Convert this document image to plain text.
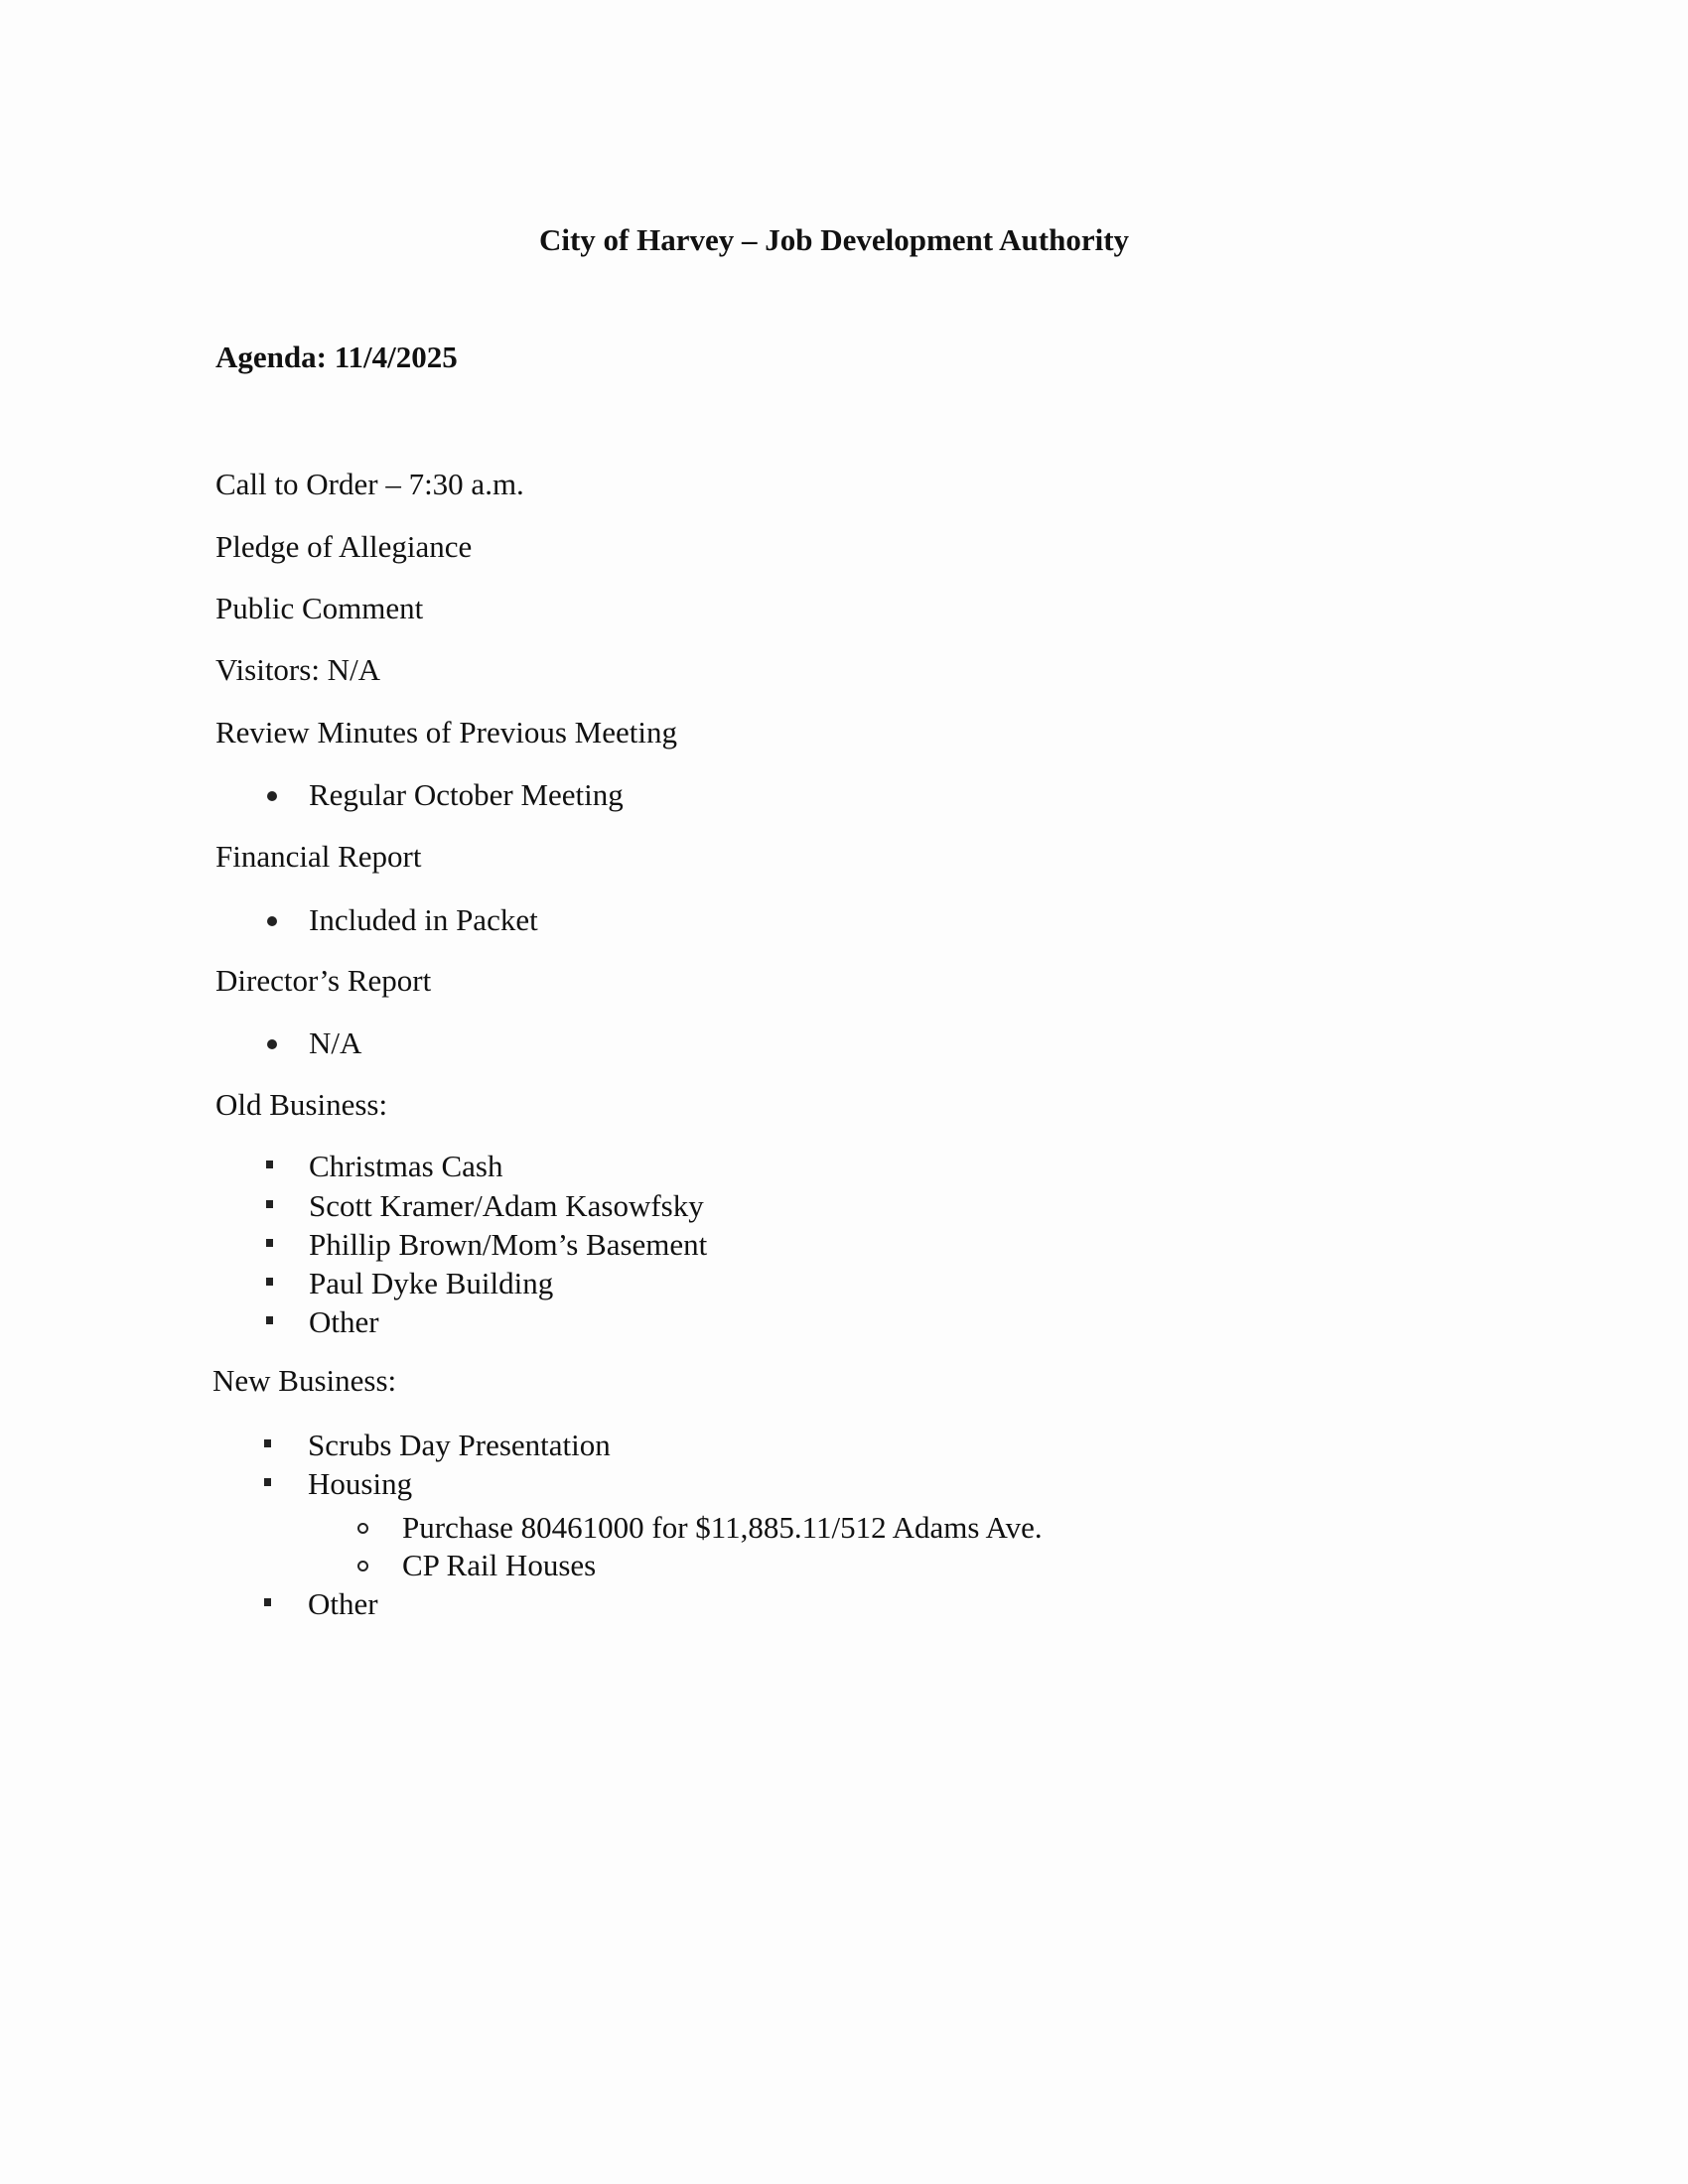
City of Harvey – Job Development Authority
Agenda: 11/4/2025
Call to Order – 7:30 a.m.
Pledge of Allegiance
Public Comment
Visitors: N/A
Review Minutes of Previous Meeting
Regular October Meeting
Financial Report
Included in Packet
Director’s Report
N/A
Old Business:
Christmas Cash
Scott Kramer/Adam Kasowfsky
Phillip Brown/Mom’s Basement
Paul Dyke Building
Other
New Business:
Scrubs Day Presentation
Housing
Purchase 80461000 for $11,885.11/512 Adams Ave.
CP Rail Houses
Other
